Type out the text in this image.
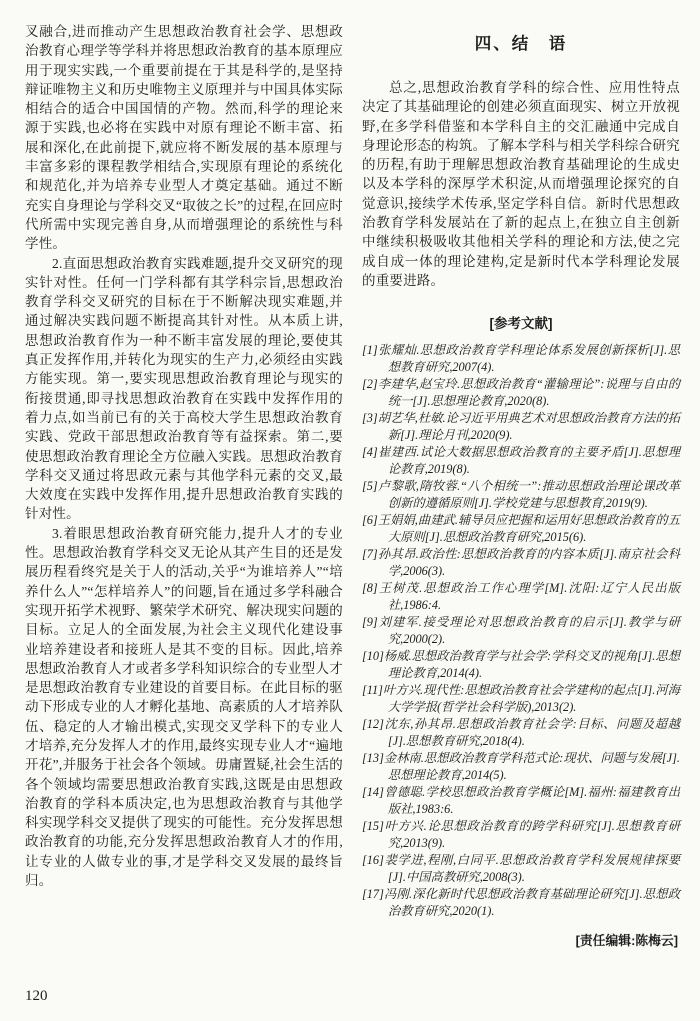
叉融合,进而推动产生思想政治教育社会学、思想政治教育心理学等学科并将思想政治教育的基本原理应用于现实实践,一个重要前提在于其是科学的,是坚持辩证唯物主义和历史唯物主义原理并与中国具体实际相结合的适合中国国情的产物。然而,科学的理论来源于实践,也必将在实践中对原有理论不断丰富、拓展和深化,在此前提下,就应将不断发展的基本原理与丰富多彩的课程教学相结合,实现原有理论的系统化和规范化,并为培养专业型人才奠定基础。通过不断充实自身理论与学科交叉“取彼之长”的过程,在回应时代所需中实现完善自身,从而增强理论的系统性与科学性。

2.直面思想政治教育实践难题,提升交叉研究的现实针对性。任何一门学科都有其学科宗旨,思想政治教育学科交叉研究的目标在于不断解决现实难题,并通过解决实践问题不断提高其针对性。从本质上讲,思想政治教育作为一种不断丰富发展的理论,要使其真正发挥作用,并转化为现实的生产力,必须经由实践方能实现。第一,要实现思想政治教育理论与现实的衔接贯通,即寻找思想政治教育在实践中发挥作用的着力点,如当前已有的关于高校大学生思想政治教育实践、党政干部思想政治教育等有益探索。第二,要使思想政治教育理论全方位融入实践。思想政治教育学科交叉通过将思政元素与其他学科元素的交叉,最大效度在实践中发挥作用,提升思想政治教育实践的针对性。

3.着眼思想政治教育研究能力,提升人才的专业性。思想政治教育学科交叉无论从其产生目的还是发展历程看终究是关于人的活动,关乎“为谁培养人”“培养什么人”“怎样培养人”的问题,旨在通过多学科融合实现开拓学术视野、繁荣学术研究、解决现实问题的目标。立足人的全面发展,为社会主义现代化建设事业培养建设者和接班人是其不变的目标。因此,培养思想政治教育人才或者多学科知识综合的专业型人才是思想政治教育专业建设的首要目标。在此目标的驱动下形成专业的人才孵化基地、高素质的人才培养队伍、稳定的人才输出模式,实现交叉学科下的专业人才培养,充分发挥人才的作用,最终实现专业人才“遍地开花”,并服务于社会各个领域。毋庸置疑,社会生活的各个领域均需要思想政治教育实践,这既是由思想政治教育的学科本质决定,也为思想政治教育与其他学科实现学科交叉提供了现实的可能性。充分发挥思想政治教育的功能,充分发挥思想政治教育人才的作用,让专业的人做专业的事,才是学科交叉发展的最终旨归。

四、结　语

总之,思想政治教育学科的综合性、应用性特点决定了其基础理论的创建必须直面现实、树立开放视野,在多学科借鉴和本学科自主的交汇融通中完成自身理论形态的构筑。了解本学科与相关学科综合研究的历程,有助于理解思想政治教育基础理论的生成史以及本学科的深厚学术积淀,从而增强理论探究的自觉意识,接续学术传承,坚定学科自信。新时代思想政治教育学科发展站在了新的起点上,在独立自主创新中继续积极吸收其他相关学科的理论和方法,使之完成自成一体的理论建构,定是新时代本学科理论发展的重要进路。

[参考文献]

[1]张耀灿.思想政治教育学科理论体系发展创新探析[J].思想教育研究,2007(4).

[2]李建华,赵宝玲.思想政治教育“灌输理论”:说理与自由的统一[J].思想理论教育,2020(8).

[3]胡艺华,杜敏.论习近平用典艺术对思想政治教育方法的拓新[J].理论月刊,2020(9).

[4]崔建西.试论大数据思想政治教育的主要矛盾[J].思想理论教育,2019(8).

[5]卢黎歌,隋牧蓉.“八个相统一”:推动思想政治理论课改革创新的遵循原则[J].学校党建与思想教育,2019(9).

[6]王娟娟,曲建武.辅导员应把握和运用好思想政治教育的五大原则[J].思想政治教育研究,2015(6).

[7]孙其昂.政治性:思想政治教育的内容本质[J].南京社会科学,2006(3).

[8]王树茂.思想政治工作心理学[M].沈阳:辽宁人民出版社,1986:4.

[9]刘建军.接受理论对思想政治教育的启示[J].教学与研究,2000(2).

[10]杨威.思想政治教育学与社会学:学科交叉的视角[J].思想理论教育,2014(4).

[11]叶方兴.现代性:思想政治教育社会学建构的起点[J].河海大学学报(哲学社会科学版),2013(2).

[12]沈东,孙其昂.思想政治教育社会学:目标、问题及超越[J].思想教育研究,2018(4).

[13]金林南.思想政治教育学科范式论:现状、问题与发展[J].思想理论教育,2014(5).

[14]曾德聪.学校思想政治教育学概论[M].福州:福建教育出版社,1983:6.

[15]叶方兴.论思想政治教育的跨学科研究[J].思想教育研究,2013(9).

[16]裴学进,程刚,白同平.思想政治教育学科发展规律探要[J].中国高教研究,2008(3).

[17]冯刚.深化新时代思想政治教育基础理论研究[J].思想政治教育研究,2020(1).

[责任编辑:陈梅云]

120
